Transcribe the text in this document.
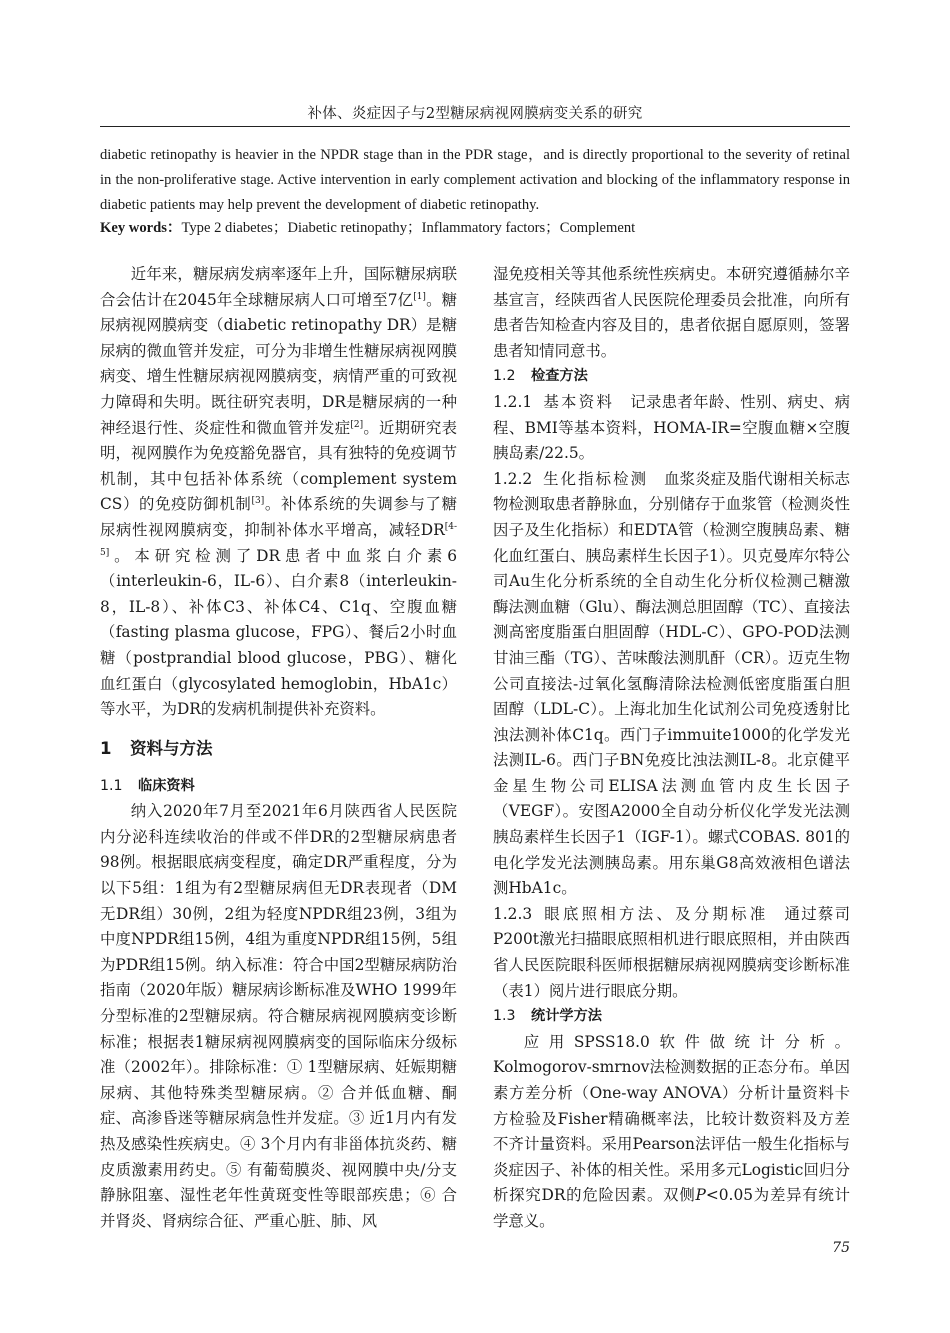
补体、炎症因子与2型糖尿病视网膜病变关系的研究
diabetic retinopathy is heavier in the NPDR stage than in the PDR stage，and is directly proportional to the severity of retinal in the non-proliferative stage. Active intervention in early complement activation and blocking of the inflammatory response in diabetic patients may help prevent the development of diabetic retinopathy.
Key words：Type 2 diabetes；Diabetic retinopathy；Inflammatory factors；Complement

近年来，糖尿病发病率逐年上升，国际糖尿病联合会估计在2045年全球糖尿病人口可增至7亿[1]。糖尿病视网膜病变（diabetic retinopathy DR）是糖尿病的微血管并发症，可分为非增生性糖尿病视网膜病变、增生性糖尿病视网膜病变，病情严重的可致视力障碍和失明。既往研究表明，DR是糖尿病的一种神经退行性、炎症性和微血管并发症[2]。近期研究表明，视网膜作为免疫豁免器官，具有独特的免疫调节机制，其中包括补体系统（complement system CS）的免疫防御机制[3]。补体系统的失调参与了糖尿病性视网膜病变，抑制补体水平增高，减轻DR[4-5]。本研究检测了DR患者中血浆白介素6（interleukin-6，IL-6）、白介素8（interleukin-8，IL-8）、补体C3、补体C4、C1q、空腹血糖（fasting plasma glucose，FPG）、餐后2小时血糖（postprandial blood glucose，PBG）、糖化血红蛋白（glycosylated hemoglobin，HbA1c）等水平，为DR的发病机制提供补充资料。

1 资料与方法
1.1 临床资料

纳入2020年7月至2021年6月陕西省人民医院内分泌科连续收治的伴或不伴DR的2型糖尿病患者98例。根据眼底病变程度，确定DR严重程度，分为以下5组：1组为有2型糖尿病但无DR表现者（DM无DR组）30例，2组为轻度NPDR组23例，3组为中度NPDR组15例，4组为重度NPDR组15例，5组为PDR组15例。纳入标准：符合中国2型糖尿病防治指南（2020年版）糖尿病诊断标准及WHO 1999年分型标准的2型糖尿病。符合糖尿病视网膜病变诊断标准；根据表1糖尿病视网膜病变的国际临床分级标准（2002年）。排除标准：① 1型糖尿病、妊娠期糖尿病、其他特殊类型糖尿病。② 合并低血糖、酮症、高渗昏迷等糖尿病急性并发症。③ 近1月内有发热及感染性疾病史。④ 3个月内有非甾体抗炎药、糖皮质激素用药史。⑤ 有葡萄膜炎、视网膜中央/分支静脉阻塞、湿性老年性黄斑变性等眼部疾患；⑥ 合并肾炎、肾病综合征、严重心脏、肺、风

湿免疫相关等其他系统性疾病史。本研究遵循赫尔辛基宣言，经陕西省人民医院伦理委员会批准，向所有患者告知检查内容及目的，患者依据自愿原则，签署患者知情同意书。

1.2 检查方法

1.2.1 基本资料 记录患者年龄、性别、病史、病程、BMI等基本资料，HOMA-IR=空腹血糖×空腹胰岛素/22.5。

1.2.2 生化指标检测 血浆炎症及脂代谢相关标志物检测取患者静脉血，分别储存于血浆管（检测炎性因子及生化指标）和EDTA管（检测空腹胰岛素、糖化血红蛋白、胰岛素样生长因子1）。贝克曼库尔特公司Au生化分析系统的全自动生化分析仪检测己糖激酶法测血糖（Glu）、酶法测总胆固醇（TC）、直接法测高密度脂蛋白胆固醇（HDL-C）、GPO-POD法测甘油三酯（TG）、苦味酸法测肌酐（CR）。迈克生物公司直接法-过氧化氢酶清除法检测低密度脂蛋白胆固醇（LDL-C）。上海北加生化试剂公司免疫透射比浊法测补体C1q。西门子immuite1000的化学发光法测IL-6。西门子BN免疫比浊法测IL-8。北京健平金星生物公司ELISA法测血管内皮生长因子（VEGF）。安图A2000全自动分析仪化学发光法测胰岛素样生长因子1（IGF-1）。螺式COBAS. 801的电化学发光法测胰岛素。用东巢G8高效液相色谱法测HbA1c。

1.2.3 眼底照相方法、及分期标准 通过蔡司P200t激光扫描眼底照相机进行眼底照相，并由陕西省人民医院眼科医师根据糖尿病视网膜病变诊断标准（表1）阅片进行眼底分期。

1.3 统计学方法

应用SPSS18.0软件做统计分析。Kolmogorov-smrnov法检测数据的正态分布。单因素方差分析（One-way ANOVA）分析计量资料卡方检验及Fisher精确概率法，比较计数资料及方差不齐计量资料。采用Pearson法评估一般生化指标与炎症因子、补体的相关性。采用多元Logistic回归分析探究DR的危险因素。双侧P<0.05为差异有统计学意义。

75
